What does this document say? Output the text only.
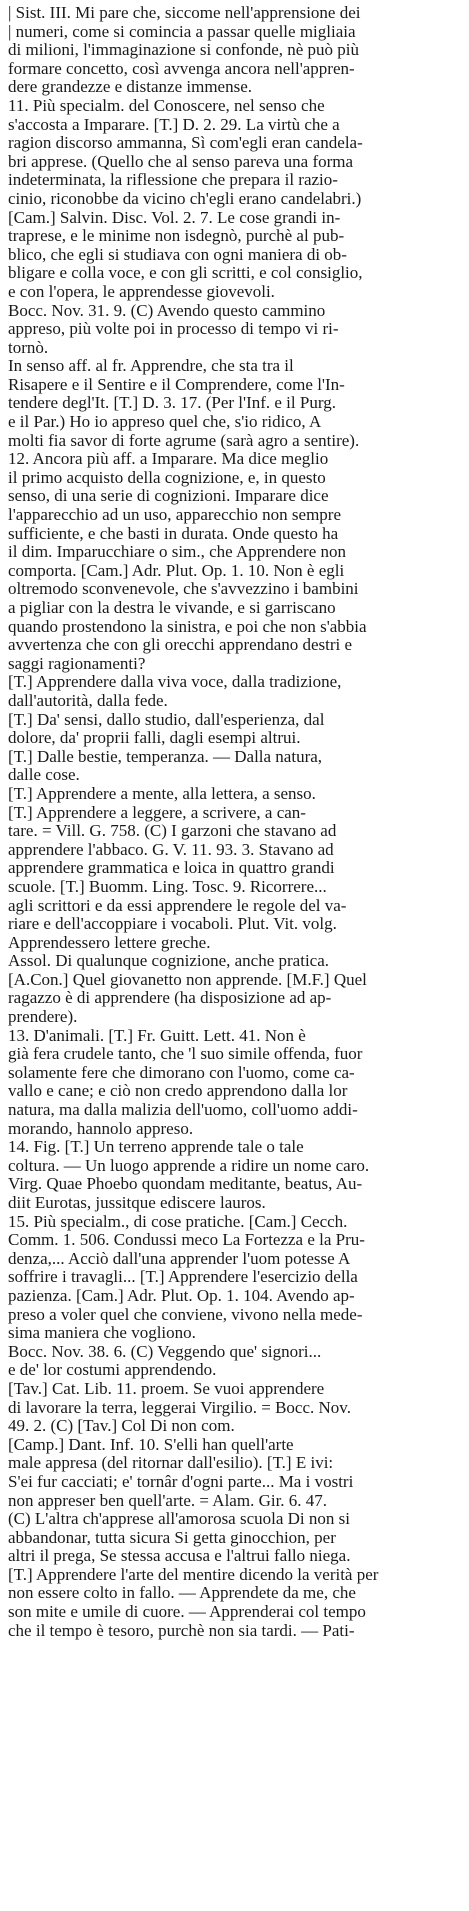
| Sist. III. Mi pare che, siccome nell'apprensione dei
| numeri, come si comincia a passar quelle migliaia
di milioni, l'immaginazione si confonde, nè può più
formare concetto, così avvenga ancora nell'appren-
dere grandezze e distanze immense.
11. Più specialm. del Conoscere, nel senso che
s'accosta a Imparare. [T.] D. 2. 29. La virtù che a
ragion discorso ammanna, Sì com'egli eran candela-
bri apprese. (Quello che al senso pareva una forma
indeterminata, la riflessione che prepara il razio-
cinio, riconobbe da vicino ch'egli erano candelabri.)
[Cam.] Salvin. Disc. Vol. 2. 7. Le cose grandi in-
traprese, e le minime non isdegnò, purchè al pub-
blico, che egli si studiava con ogni maniera di ob-
bligare e colla voce, e con gli scritti, e col consiglio,
e con l'opera, le apprendesse giovevoli.
Bocc. Nov. 31. 9. (C) Avendo questo cammino
appreso, più volte poi in processo di tempo vi ri-
tornò.
In senso aff. al fr. Apprendre, che sta tra il
Risapere e il Sentire e il Comprendere, come l'In-
tendere degl'It. [T.] D. 3. 17. (Per l'Inf. e il Purg.
e il Par.) Ho io appreso quel che, s'io ridico, A
molti fia savor di forte agrume (sarà agro a sentire).
12. Ancora più aff. a Imparare. Ma dice meglio
il primo acquisto della cognizione, e, in questo
senso, di una serie di cognizioni. Imparare dice
l'apparecchio ad un uso, apparecchio non sempre
sufficiente, e che basti in durata. Onde questo ha
il dim. Imparucchiare o sim., che Apprendere non
comporta. [Cam.] Adr. Plut. Op. 1. 10. Non è egli
oltremodo sconvenevole, che s'avvezzino i bambini
a pigliar con la destra le vivande, e si garriscano
quando prostendono la sinistra, e poi che non s'abbia
avvertenza che con gli orecchi apprendano destri e
saggi ragionamenti?
[T.] Apprendere dalla viva voce, dalla tradizione,
dall'autorità, dalla fede.
[T.] Da' sensi, dallo studio, dall'esperienza, dal
dolore, da' proprii falli, dagli esempi altrui.
[T.] Dalle bestie, temperanza. — Dalla natura,
dalle cose.
[T.] Apprendere a mente, alla lettera, a senso.
[T.] Apprendere a leggere, a scrivere, a can-
tare. = Vill. G. 758. (C) I garzoni che stavano ad
apprendere l'abbaco. G. V. 11. 93. 3. Stavano ad
apprendere grammatica e loica in quattro grandi
scuole. [T.] Buomm. Ling. Tosc. 9. Ricorrere...
agli scrittori e da essi apprendere le regole del va-
riare e dell'accoppiare i vocaboli. Plut. Vit. volg.
Apprendessero lettere greche.
Assol. Di qualunque cognizione, anche pratica.
[A.Con.] Quel giovanetto non apprende. [M.F.] Quel
ragazzo è di apprendere (ha disposizione ad ap-
prendere).
13. D'animali. [T.] Fr. Guitt. Lett. 41. Non è
già fera crudele tanto, che 'l suo simile offenda, fuor
solamente fere che dimorano con l'uomo, come ca-
vallo e cane; e ciò non credo apprendono dalla lor
natura, ma dalla malizia dell'uomo, coll'uomo addi-
morando, hannolo appreso.
14. Fig. [T.] Un terreno apprende tale o tale
coltura. — Un luogo apprende a ridire un nome caro.
Virg. Quae Phoebo quondam meditante, beatus, Au-
diit Eurotas, jussitque ediscere lauros.
15. Più specialm., di cose pratiche. [Cam.] Cecch.
Comm. 1. 506. Condussi meco La Fortezza e la Pru-
denza,... Acciò dall'una apprender l'uom potesse A
soffrire i travagli... [T.] Apprendere l'esercizio della
pazienza. [Cam.] Adr. Plut. Op. 1. 104. Avendo ap-
preso a voler quel che conviene, vivono nella mede-
sima maniera che vogliono.
Bocc. Nov. 38. 6. (C) Veggendo que' signori...
e de' lor costumi apprendendo.
[Tav.] Cat. Lib. 11. proem. Se vuoi apprendere
di lavorare la terra, leggerai Virgilio. = Bocc. Nov.
49. 2. (C) [Tav.] Col Di non com.
[Camp.] Dant. Inf. 10. S'elli han quell'arte
male appresa (del ritornar dall'esilio). [T.] E ivi:
S'ei fur cacciati; e' tornâr d'ogni parte... Ma i vostri
non appreser ben quell'arte. = Alam. Gir. 6. 47.
(C) L'altra ch'apprese all'amorosa scuola Di non si
abbandonar, tutta sicura Si getta ginocchion, per
altri il prega, Se stessa accusa e l'altrui fallo niega.
[T.] Apprendere l'arte del mentire dicendo la verità per
non essere colto in fallo. — Apprendete da me, che
son mite e umile di cuore. — Apprenderai col tempo
che il tempo è tesoro, purchè non sia tardi. — Pati-
